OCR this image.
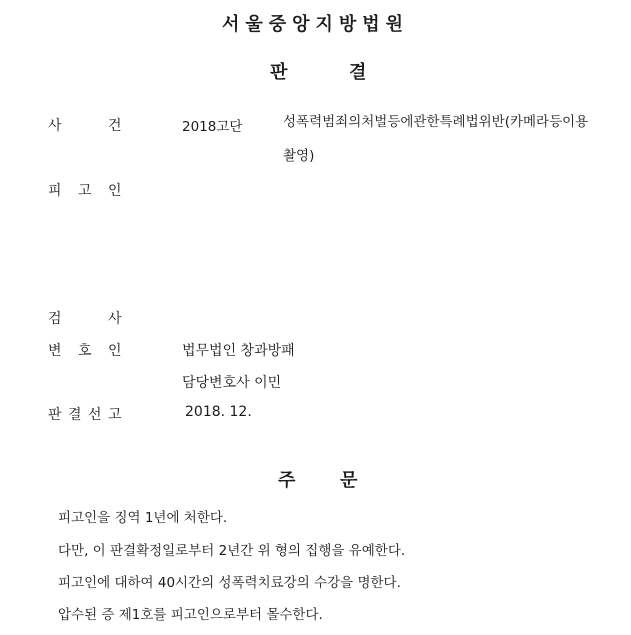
서울중앙지방법원
판	결
사	건	2018고단	성폭력범죄의처벌등에관한특례법위반(카메라등이용촬영)
피 고 인
검	사
변 호 인	법무법인 창과방패
담당변호사 이민
판 결 선 고	2018. 12.
주 문
피고인을 징역 1년에 처한다.
다만, 이 판결확정일로부터 2년간 위 형의 집행을 유예한다.
피고인에 대하여 40시간의 성폭력치료강의 수강을 명한다.
압수된 증 제1호를 피고인으로부터 몰수한다.
